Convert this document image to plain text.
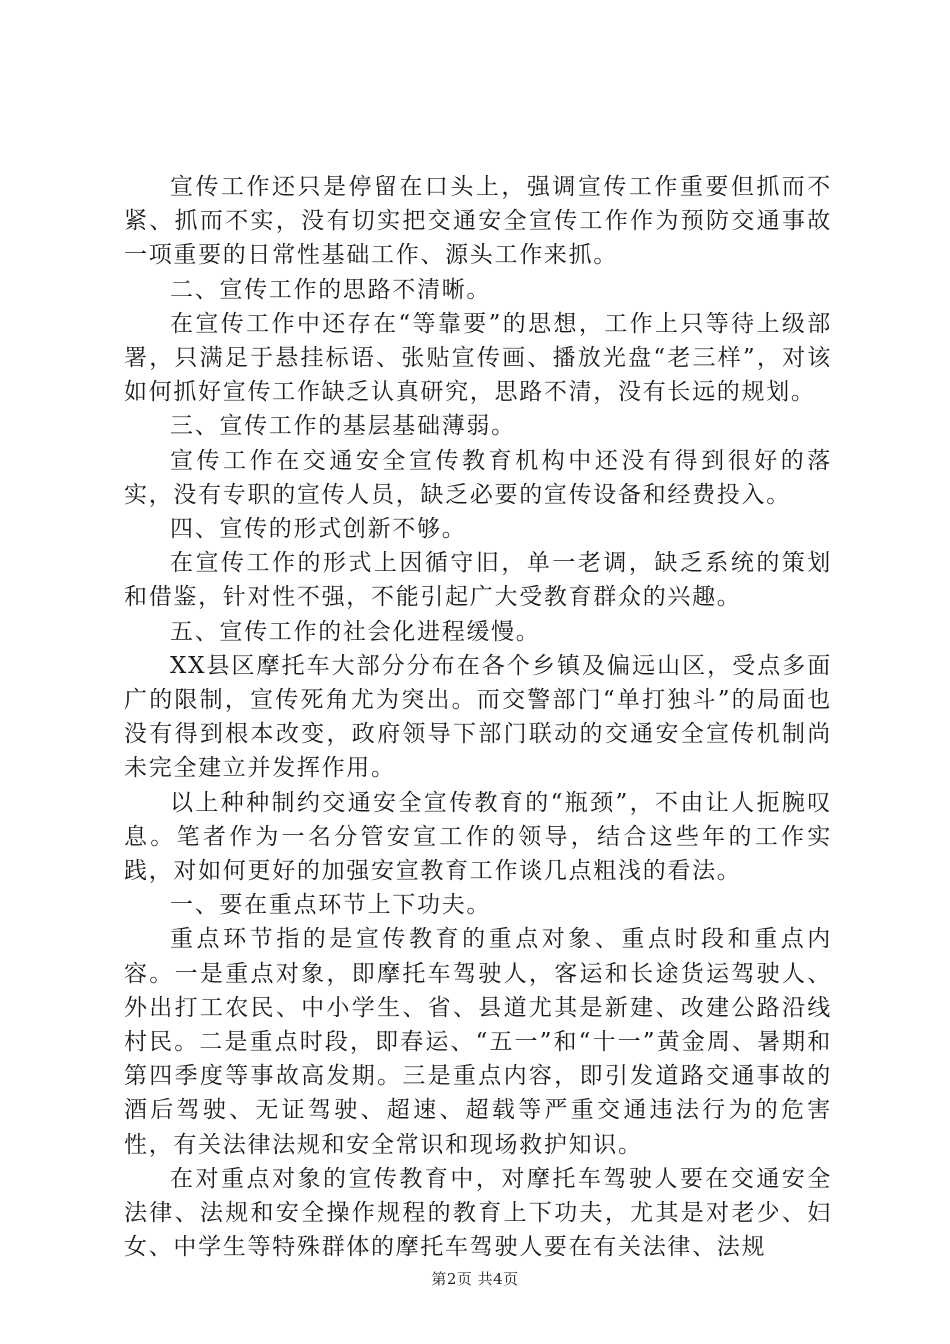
宣传工作还只是停留在口头上，强调宣传工作重要但抓而不紧、抓而不实，没有切实把交通安全宣传工作作为预防交通事故一项重要的日常性基础工作、源头工作来抓。

二、宣传工作的思路不清晰。

在宣传工作中还存在“等靠要”的思想，工作上只等待上级部署，只满足于悬挂标语、张贴宣传画、播放光盘“老三样”，对该如何抓好宣传工作缺乏认真研究，思路不清，没有长远的规划。

三、宣传工作的基层基础薄弱。

宣传工作在交通安全宣传教育机构中还没有得到很好的落实，没有专职的宣传人员，缺乏必要的宣传设备和经费投入。

四、宣传的形式创新不够。

在宣传工作的形式上因循守旧，单一老调，缺乏系统的策划和借鉴，针对性不强，不能引起广大受教育群众的兴趣。

五、宣传工作的社会化进程缓慢。

XX县区摩托车大部分分布在各个乡镇及偏远山区，受点多面广的限制，宣传死角尤为突出。而交警部门“单打独斗”的局面也没有得到根本改变，政府领导下部门联动的交通安全宣传机制尚未完全建立并发挥作用。

以上种种制约交通安全宣传教育的“瓶颈”，不由让人扼腕叹息。笔者作为一名分管安宣工作的领导，结合这些年的工作实践，对如何更好的加强安宣教育工作谈几点粗浅的看法。

一、要在重点环节上下功夫。

重点环节指的是宣传教育的重点对象、重点时段和重点内容。一是重点对象，即摩托车驾驶人，客运和长途货运驾驶人、外出打工农民、中小学生、省、县道尤其是新建、改建公路沿线村民。二是重点时段，即春运、“五一”和“十一”黄金周、暑期和第四季度等事故高发期。三是重点内容，即引发道路交通事故的酒后驾驶、无证驾驶、超速、超载等严重交通违法行为的危害性，有关法律法规和安全常识和现场救护知识。

在对重点对象的宣传教育中，对摩托车驾驶人要在交通安全法律、法规和安全操作规程的教育上下功夫，尤其是对老少、妇女、中学生等特殊群体的摩托车驾驶人要在有关法律、法规

第2页 共4页
